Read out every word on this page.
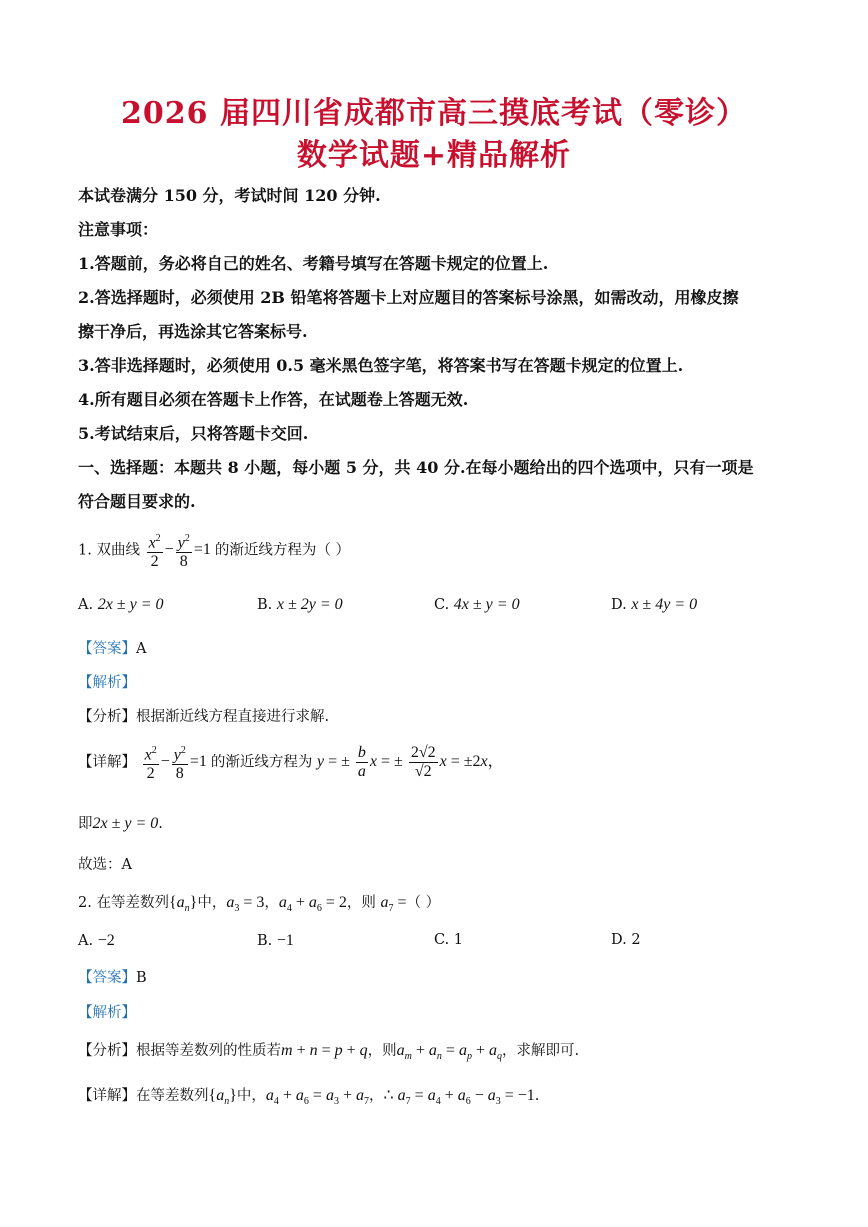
2026 届四川省成都市高三摸底考试（零诊）
数学试题+精品解析
本试卷满分 150 分，考试时间 120 分钟.
注意事项：
1.答题前，务必将自己的姓名、考籍号填写在答题卡规定的位置上.
2.答选择题时，必须使用 2B 铅笔将答题卡上对应题目的答案标号涂黑，如需改动，用橡皮擦
擦干净后，再选涂其它答案标号.
3.答非选择题时，必须使用 0.5 毫米黑色签字笔，将答案书写在答题卡规定的位置上.
4.所有题目必须在答题卡上作答，在试题卷上答题无效.
5.考试结束后，只将答题卡交回.
一、选择题：本题共 8 小题，每小题 5 分，共 40 分.在每小题给出的四个选项中，只有一项是
符合题目要求的.
1. 双曲线 $\frac{x^2}{2} - \frac{y^2}{8} =1$ 的渐近线方程为（ ）
A. 2x ± y = 0	B. x ± 2y = 0	C. 4x ± y = 0	D. x ± 4y = 0
【答案】A
【解析】
【分析】根据渐近线方程直接进行求解.
【详解】 $\frac{x^2}{2} - \frac{y^2}{8} =1$ 的渐近线方程为 y = ± $\frac{b}{a}$ x = ± $\frac{2√2}{√2}$ x = ±2x，
即2x ± y = 0.
故选：A
2. 在等差数列$\{a_n\}$中，$a_3 = 3$，$a_4 + a_6 = 2$，则 $a_7$ =（ ）
A. −2	B. −1	C. 1	D. 2
【答案】B
【解析】
【分析】根据等差数列的性质若m + n = p + q，则$a_m + a_n = a_p + a_q$，求解即可.
【详解】在等差数列$\{a_n\}$中，$a_4 + a_6 = a_3 + a_7$，∴ $a_7 = a_4 + a_6 - a_3 = -1$.
